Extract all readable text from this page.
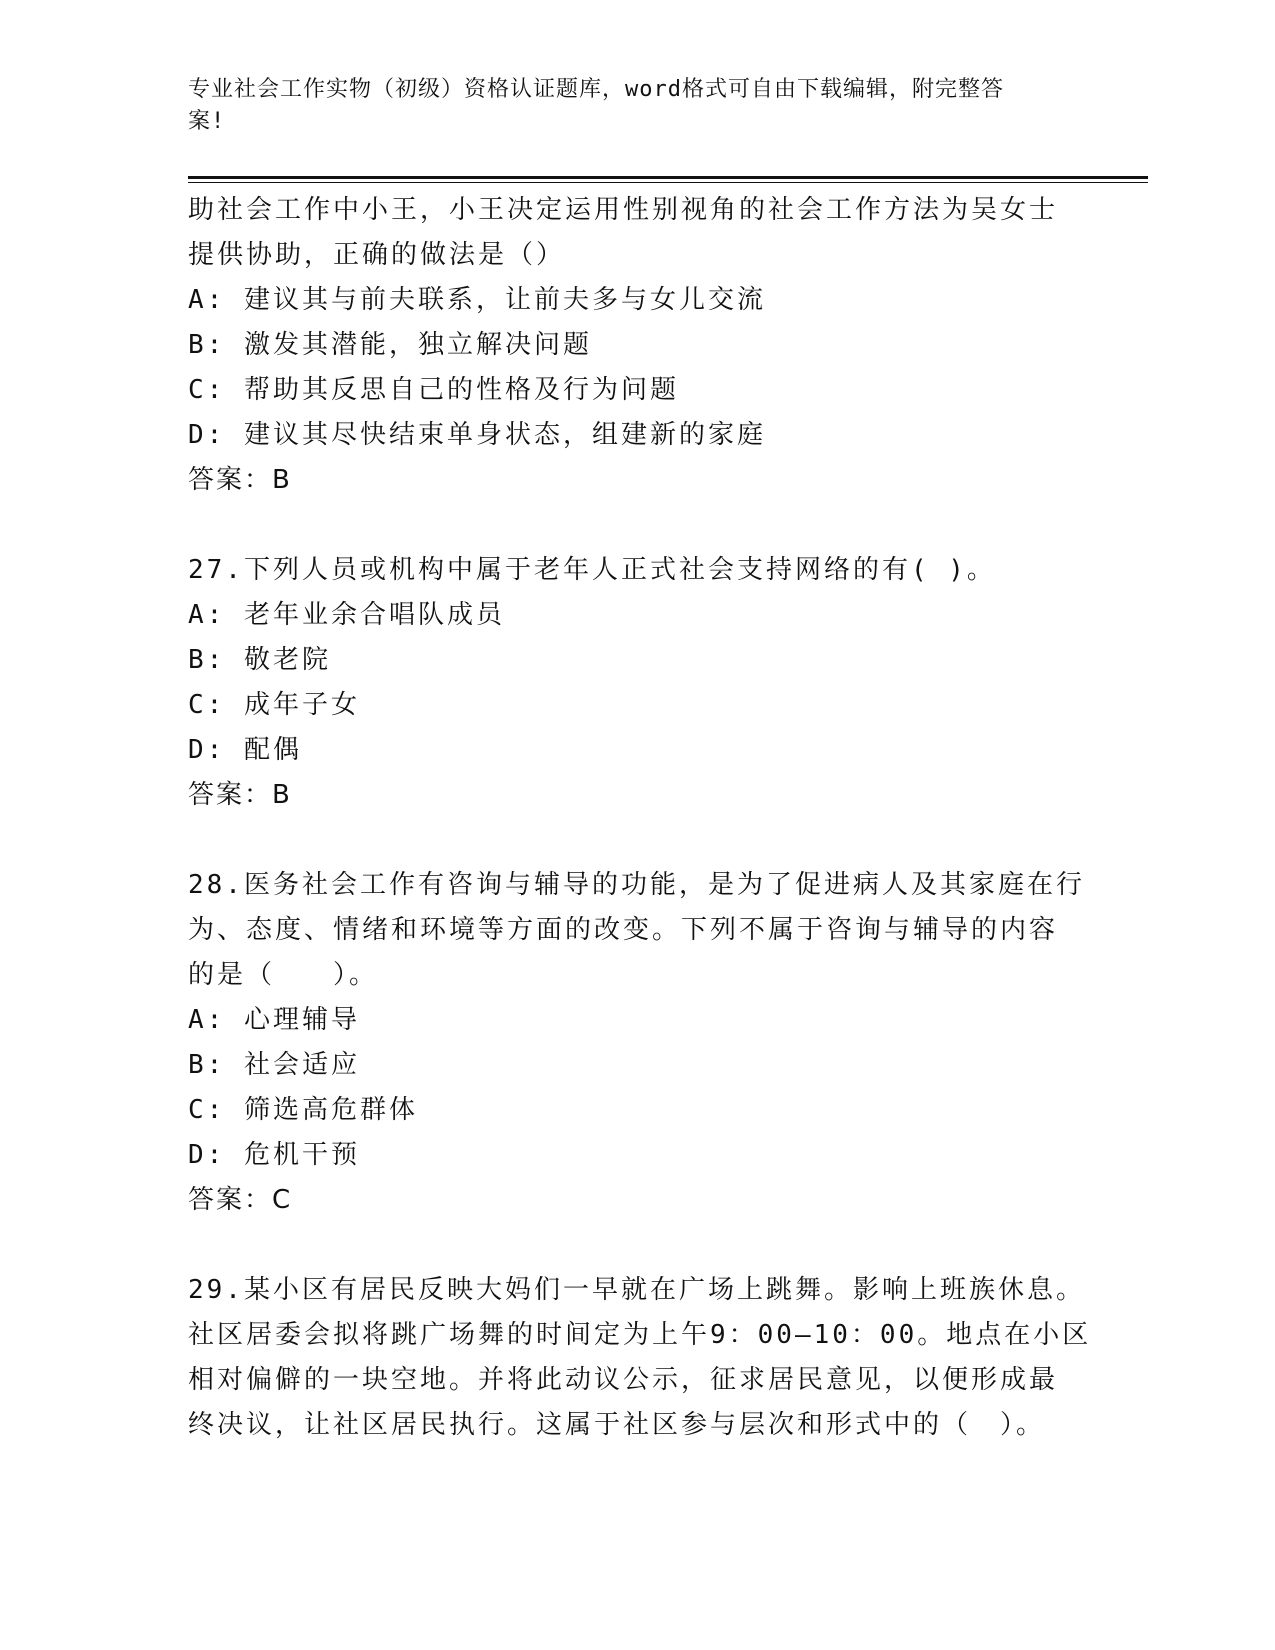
专业社会工作实物（初级）资格认证题库，word格式可自由下载编辑，附完整答
案!
助社会工作中小王，小王决定运用性别视角的社会工作方法为吴女士
提供协助，正确的做法是（）
A: 建议其与前夫联系，让前夫多与女儿交流
B: 激发其潜能，独立解决问题
C: 帮助其反思自己的性格及行为问题
D: 建议其尽快结束单身状态，组建新的家庭
答案：B
27.下列人员或机构中属于老年人正式社会支持网络的有( )。
A: 老年业余合唱队成员
B: 敬老院
C: 成年子女
D: 配偶
答案：B
28.医务社会工作有咨询与辅导的功能，是为了促进病人及其家庭在行
为、态度、情绪和环境等方面的改变。下列不属于咨询与辅导的内容
的是（　　）。
A: 心理辅导
B: 社会适应
C: 筛选高危群体
D: 危机干预
答案：C
29.某小区有居民反映大妈们一早就在广场上跳舞。影响上班族休息。
社区居委会拟将跳广场舞的时间定为上午9：00—10：00。地点在小区
相对偏僻的一块空地。并将此动议公示，征求居民意见，以便形成最
终决议，让社区居民执行。这属于社区参与层次和形式中的（　）。
